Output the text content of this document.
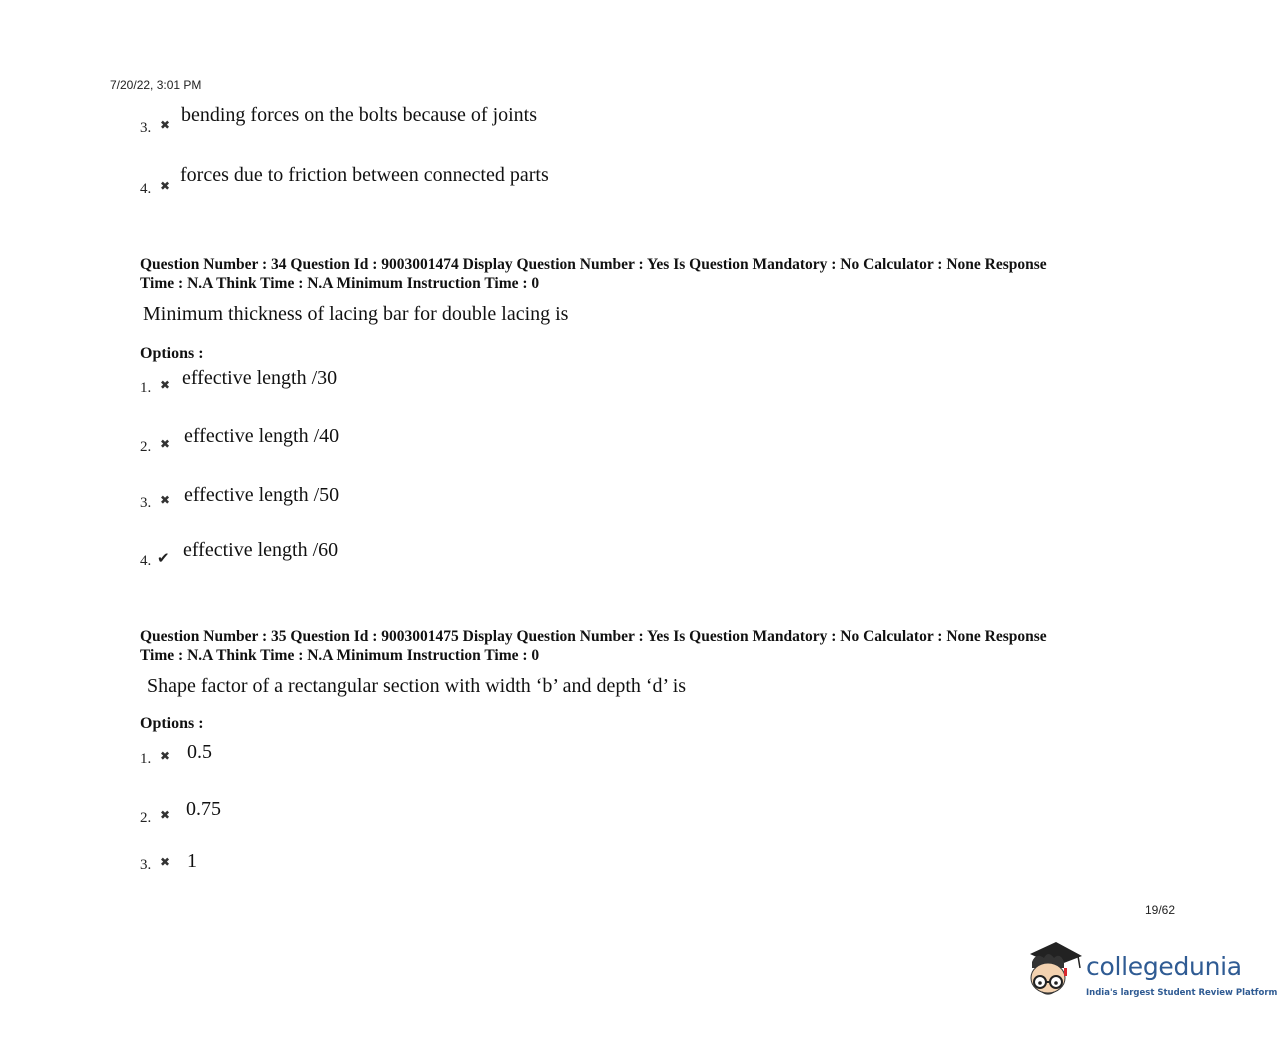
7/20/22, 3:01 PM
3. ✖ bending forces on the bolts because of joints
4. ✖ forces due to friction between connected parts
Question Number : 34 Question Id : 9003001474 Display Question Number : Yes Is Question Mandatory : No Calculator : None Response
Time : N.A Think Time : N.A Minimum Instruction Time : 0
Minimum thickness of lacing bar for double lacing is
Options :
1. ✖ effective length /30
2. ✖ effective length /40
3. ✖ effective length /50
4. ✔ effective length /60
Question Number : 35 Question Id : 9003001475 Display Question Number : Yes Is Question Mandatory : No Calculator : None Response
Time : N.A Think Time : N.A Minimum Instruction Time : 0
Shape factor of a rectangular section with width ‘b’ and depth ‘d’ is
Options :
1. ✖ 0.5
2. ✖ 0.75
3. ✖ 1
19/62
collegedunia
India's largest Student Review Platform
